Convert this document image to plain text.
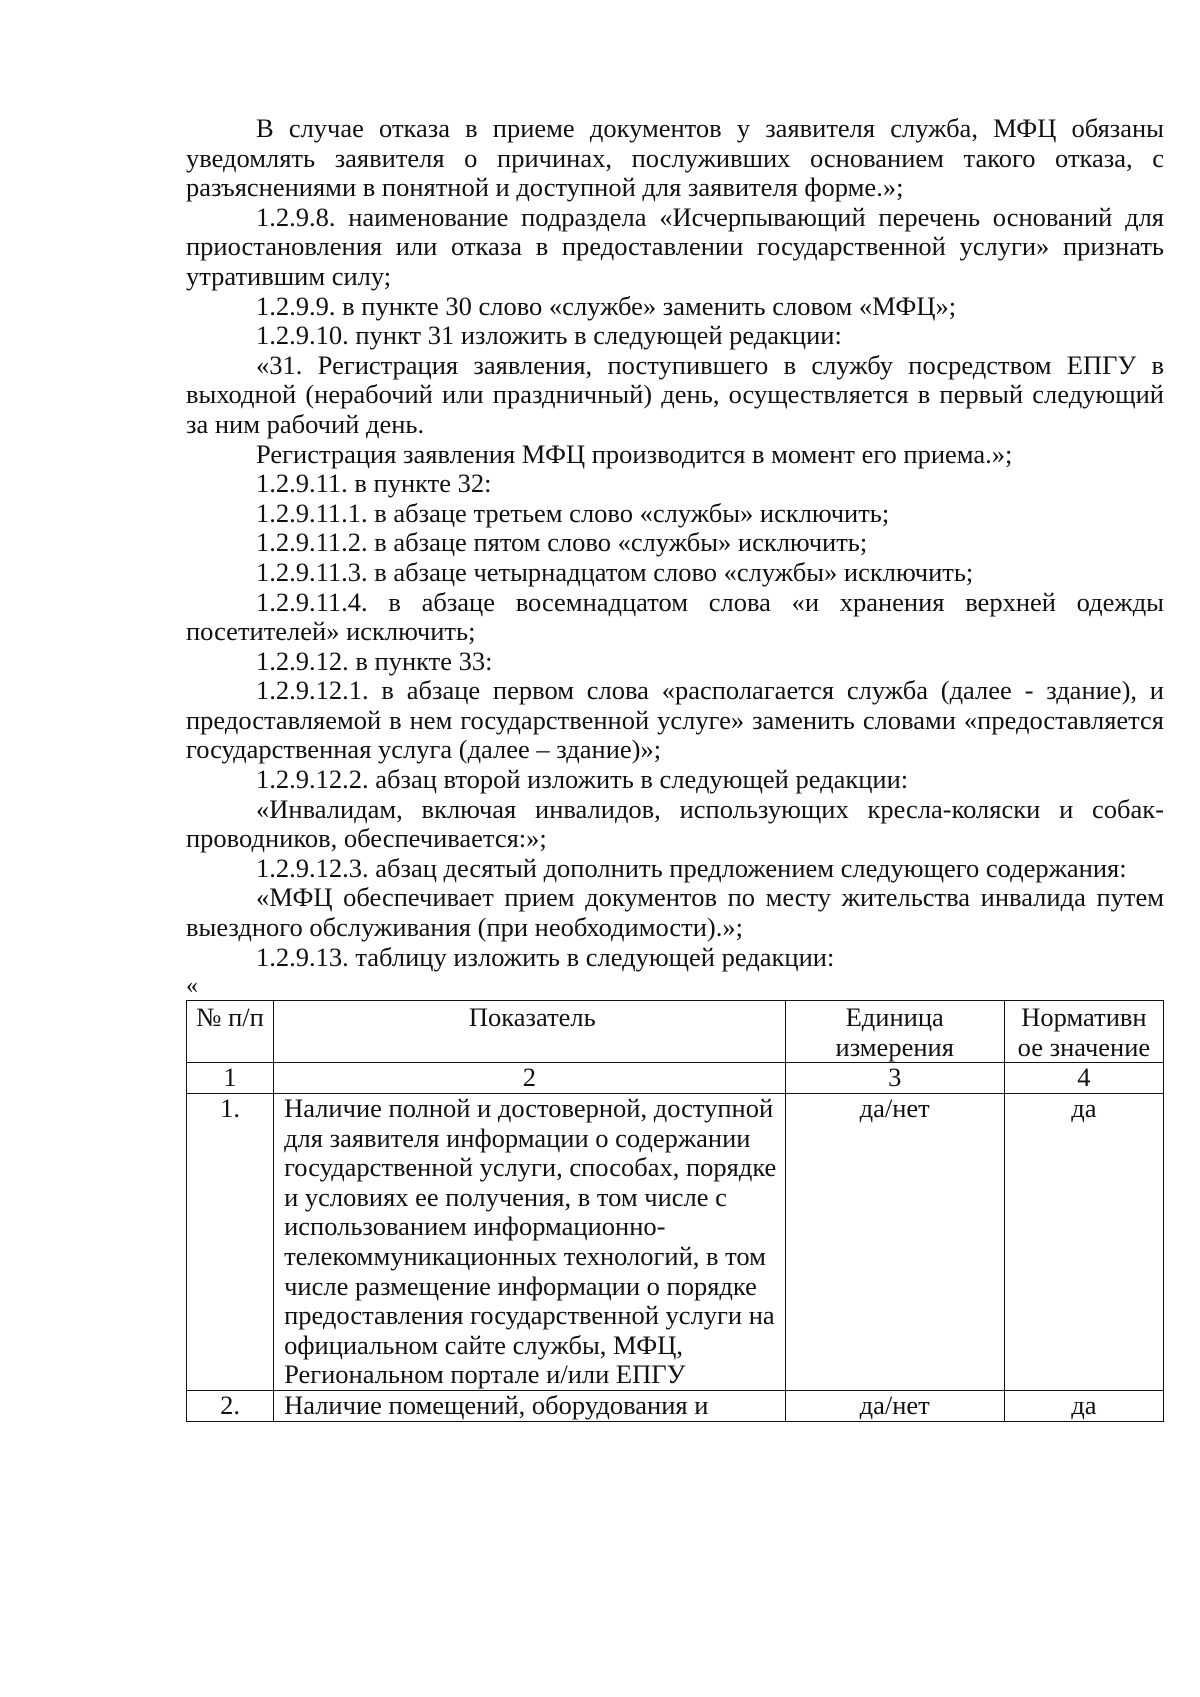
В случае отказа в приеме документов у заявителя служба, МФЦ обязаны уведомлять заявителя о причинах, послуживших основанием такого отказа, с разъяснениями в понятной и доступной для заявителя форме.»;

1.2.9.8. наименование подраздела «Исчерпывающий перечень оснований для приостановления или отказа в предоставлении государственной услуги» признать утратившим силу;

1.2.9.9. в пункте 30 слово «службе» заменить словом «МФЦ»;

1.2.9.10. пункт 31 изложить в следующей редакции:

«31. Регистрация заявления, поступившего в службу посредством ЕПГУ в выходной (нерабочий или праздничный) день, осуществляется в первый следующий за ним рабочий день.

Регистрация заявления МФЦ производится в момент его приема.»;

1.2.9.11. в пункте 32:

1.2.9.11.1. в абзаце третьем слово «службы» исключить;

1.2.9.11.2. в абзаце пятом слово «службы» исключить;

1.2.9.11.3. в абзаце четырнадцатом слово «службы» исключить;

1.2.9.11.4. в абзаце восемнадцатом слова «и хранения верхней одежды посетителей» исключить;

1.2.9.12. в пункте 33:

1.2.9.12.1. в абзаце первом слова «располагается служба (далее - здание), и предоставляемой в нем государственной услуге» заменить словами «предоставляется государственная услуга (далее – здание)»;

1.2.9.12.2. абзац второй изложить в следующей редакции:

«Инвалидам, включая инвалидов, использующих кресла-коляски и собак-проводников, обеспечивается:»;

1.2.9.12.3. абзац десятый дополнить предложением следующего содержания:

«МФЦ обеспечивает прием документов по месту жительства инвалида путем выездного обслуживания (при необходимости).»;

1.2.9.13. таблицу изложить в следующей редакции:

«

№ п/п	Показатель	Единица измерения	Нормативн ое значение
1	2	3	4
1.	Наличие полной и достоверной, доступной для заявителя информации о содержании государственной услуги, способах, порядке и условиях ее получения, в том числе с использованием информационно-телекоммуникационных технологий, в том числе размещение информации о порядке предоставления государственной услуги на официальном сайте службы, МФЦ, Региональном портале и/или ЕПГУ	да/нет	да
2.	Наличие помещений, оборудования и	да/нет	да
